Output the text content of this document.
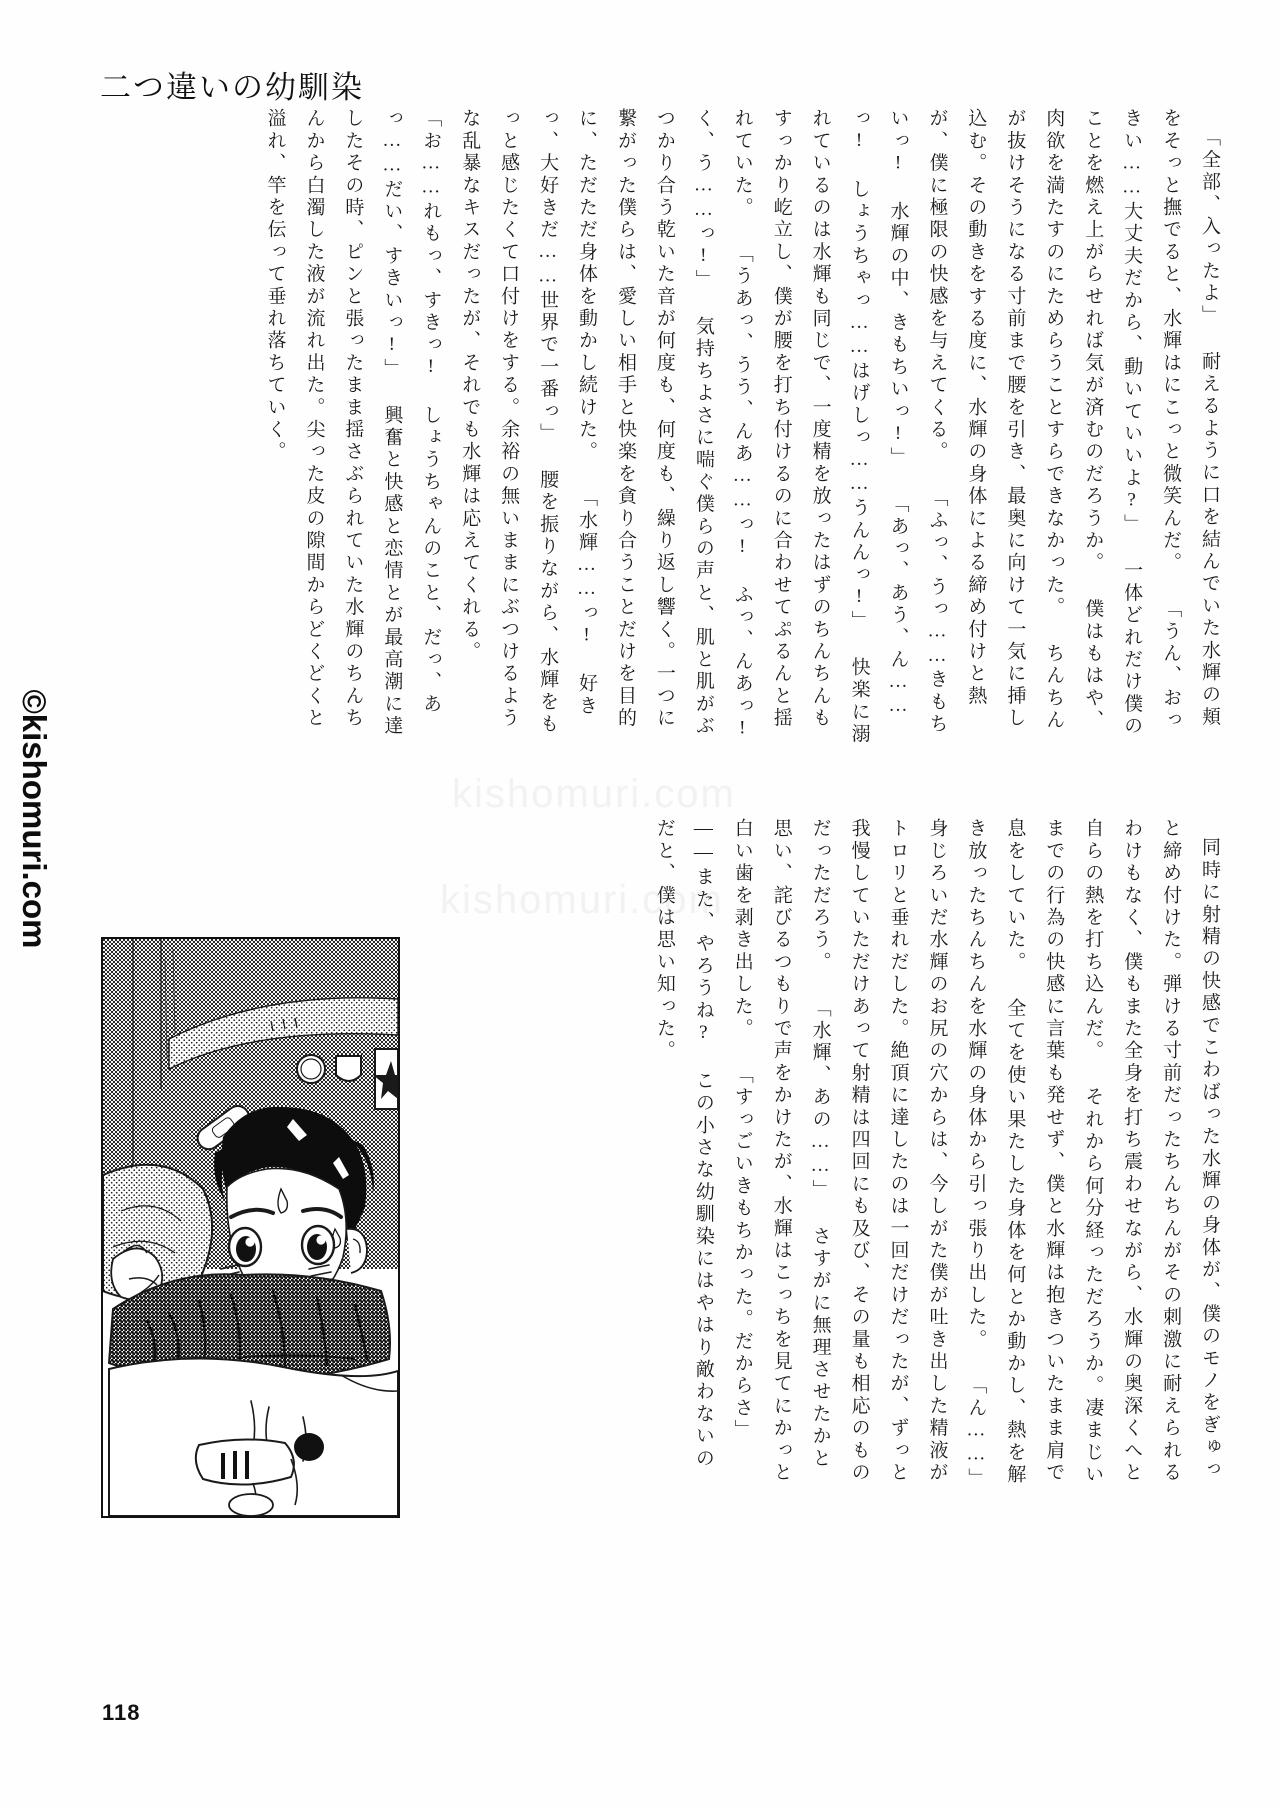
二つ違いの幼馴染
©kishomuri.com	kishomuri.com
kishomuri.com

「全部、入ったよ」 耐えるように口を結んでいた水輝の頬をそっと撫でると、水輝はにこっと微笑んだ。 「うん、おっきい……大丈夫だから、動いていいよ?」 一体どれだけ僕のことを燃え上がらせれば気が済むのだろうか。 僕はもはや、肉欲を満たすのにためらうことすらできなかった。 ちんちんが抜けそうになる寸前まで腰を引き、最奥に向けて一気に挿し込む。その動きをする度に、水輝の身体による締め付けと熱が、僕に極限の快感を与えてくる。 「ふっ、うっ……きもちいっ! 水輝の中、きもちいっ!」 「あっ、あう、ん……っ! しょうちゃっ……はげしっ……うんんっ!」 快楽に溺れているのは水輝も同じで、一度精を放ったはずのちんちんもすっかり屹立し、僕が腰を打ち付けるのに合わせてぷるんと揺れていた。 「うあっ、うう、んあ……っ! ふっ、んあっ! く、う……っ!」 気持ちよさに喘ぐ僕らの声と、肌と肌がぶつかり合う乾いた音が何度も、何度も、繰り返し響く。一つに繋がった僕らは、愛しい相手と快楽を貪り合うことだけを目的に、ただただ身体を動かし続けた。 「水輝……っ! 好きっ、大好きだ……世界で一番っ」 腰を振りながら、水輝をもっと感じたくて口付けをする。余裕の無いままにぶつけるような乱暴なキスだったが、それでも水輝は応えてくれる。 「お……れもっ、すきっ! しょうちゃんのこと、だっ、あっ……だい、すきいっ!」 興奮と快感と恋情とが最高潮に達したその時、ピンと張ったまま揺さぶられていた水輝のちんちんから白濁した液が流れ出た。尖った皮の隙間からどくどくと溢れ、竿を伝って垂れ落ちていく。

同時に射精の快感でこわばった水輝の身体が、僕のモノをぎゅっと締め付けた。弾ける寸前だったちんちんがその刺激に耐えられるわけもなく、僕もまた全身を打ち震わせながら、水輝の奥深くへと自らの熱を打ち込んだ。 それから何分経っただろうか。凄まじいまでの行為の快感に言葉も発せず、僕と水輝は抱きついたまま肩で息をしていた。 全てを使い果たした身体を何とか動かし、熱を解き放ったちんちんを水輝の身体から引っ張り出した。 「ん……」 身じろいだ水輝のお尻の穴からは、今しがた僕が吐き出した精液がトロリと垂れだした。絶頂に達したのは一回だけだったが、ずっと我慢していただけあって射精は四回にも及び、その量も相応のものだっただろう。 「水輝、あの……」 さすがに無理させたかと思い、詫びるつもりで声をかけたが、水輝はこっちを見てにかっと白い歯を剥き出した。 「すっごいきもちかった。だからさ」 ——また、やろうね? この小さな幼馴染にはやはり敵わないのだと、僕は思い知った。

118
